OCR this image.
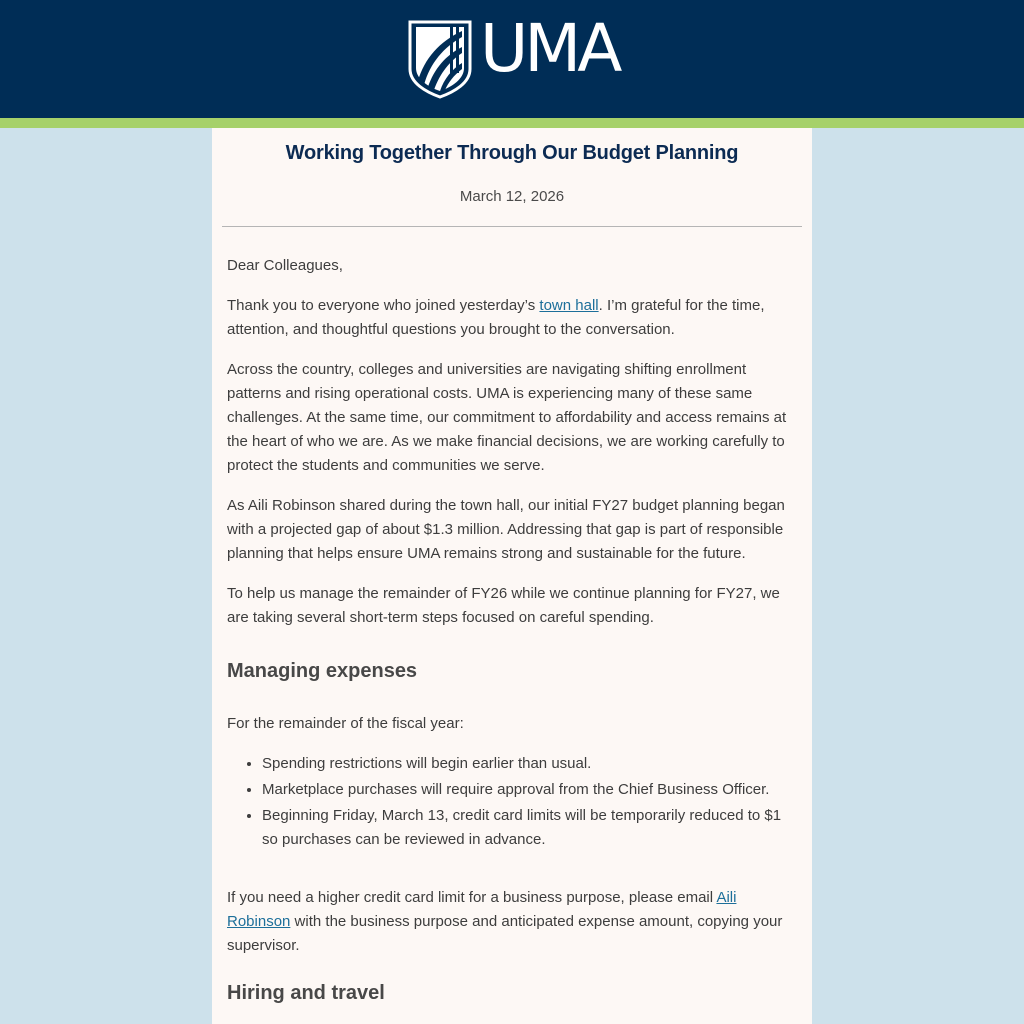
UMA
Working Together Through Our Budget Planning
March 12, 2026

Dear Colleagues,

Thank you to everyone who joined yesterday’s town hall. I’m grateful for the time, attention, and thoughtful questions you brought to the conversation.

Across the country, colleges and universities are navigating shifting enrollment patterns and rising operational costs. UMA is experiencing many of these same challenges. At the same time, our commitment to affordability and access remains at the heart of who we are. As we make financial decisions, we are working carefully to protect the students and communities we serve.

As Aili Robinson shared during the town hall, our initial FY27 budget planning began with a projected gap of about $1.3 million. Addressing that gap is part of responsible planning that helps ensure UMA remains strong and sustainable for the future.

To help us manage the remainder of FY26 while we continue planning for FY27, we are taking several short-term steps focused on careful spending.

Managing expenses

For the remainder of the fiscal year:

• Spending restrictions will begin earlier than usual.
• Marketplace purchases will require approval from the Chief Business Officer.
• Beginning Friday, March 13, credit card limits will be temporarily reduced to $1 so purchases can be reviewed in advance.

If you need a higher credit card limit for a business purpose, please email Aili Robinson with the business purpose and anticipated expense amount, copying your supervisor.

Hiring and travel
